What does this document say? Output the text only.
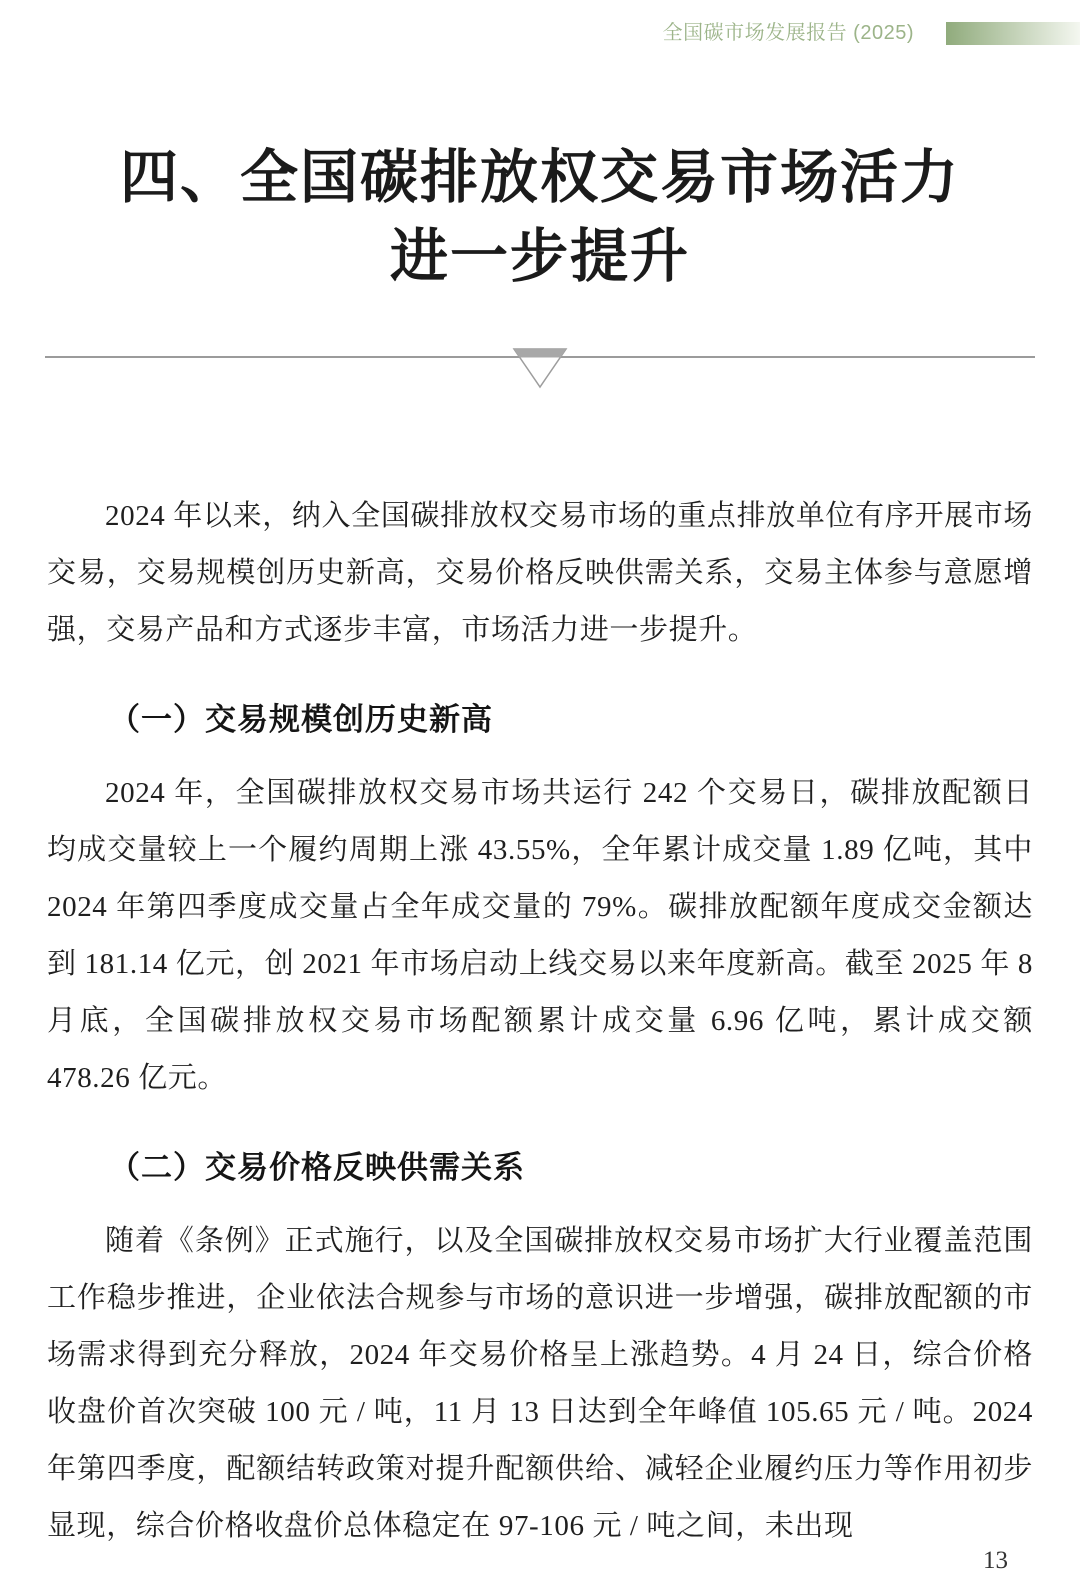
全国碳市场发展报告 (2025)
四、全国碳排放权交易市场活力
进一步提升

2024 年以来，纳入全国碳排放权交易市场的重点排放单位有序开展市场交易，交易规模创历史新高，交易价格反映供需关系，交易主体参与意愿增强，交易产品和方式逐步丰富，市场活力进一步提升。

（一）交易规模创历史新高

2024 年，全国碳排放权交易市场共运行 242 个交易日，碳排放配额日均成交量较上一个履约周期上涨 43.55%，全年累计成交量 1.89 亿吨，其中 2024 年第四季度成交量占全年成交量的 79%。碳排放配额年度成交金额达到 181.14 亿元，创 2021 年市场启动上线交易以来年度新高。截至 2025 年 8 月底，全国碳排放权交易市场配额累计成交量 6.96 亿吨，累计成交额 478.26 亿元。

（二）交易价格反映供需关系

随着《条例》正式施行，以及全国碳排放权交易市场扩大行业覆盖范围工作稳步推进，企业依法合规参与市场的意识进一步增强，碳排放配额的市场需求得到充分释放，2024 年交易价格呈上涨趋势。4 月 24 日，综合价格收盘价首次突破 100 元 / 吨，11 月 13 日达到全年峰值 105.65 元 / 吨。2024 年第四季度，配额结转政策对提升配额供给、减轻企业履约压力等作用初步显现，综合价格收盘价总体稳定在 97-106 元 / 吨之间，未出现

13
